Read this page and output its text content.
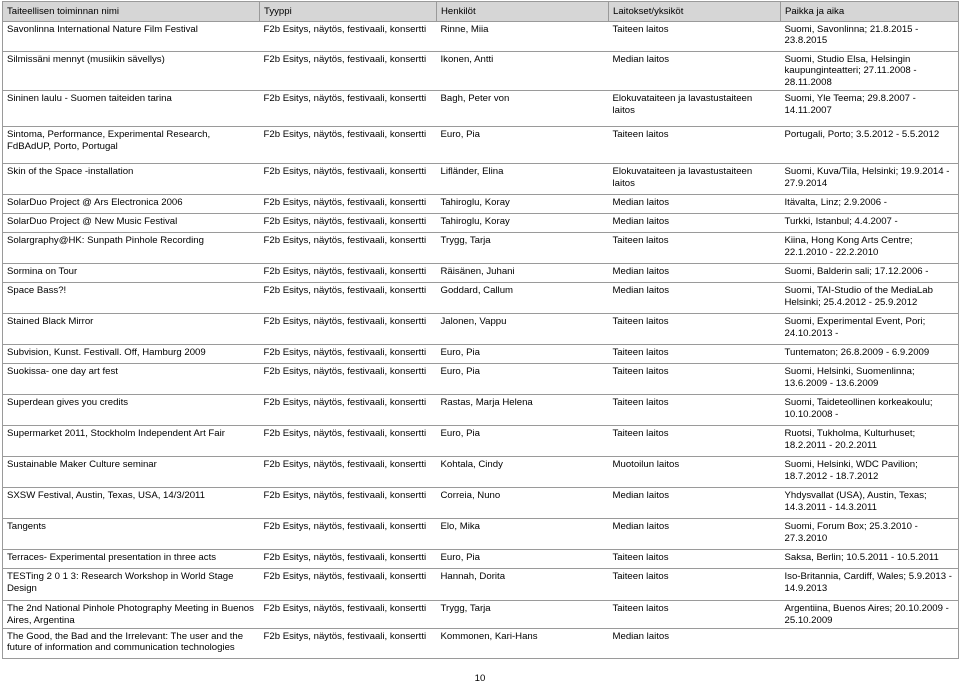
Taiteellisen toiminnan nimi	Tyyppi	Henkilöt	Laitokset/yksiköt	Paikka ja aika
Savonlinna International Nature Film Festival	F2b Esitys, näytös, festivaali, konsertti	Rinne, Miia	Taiteen laitos	Suomi, Savonlinna; 21.8.2015 - 23.8.2015
Silmissäni mennyt (musiikin sävellys)	F2b Esitys, näytös, festivaali, konsertti	Ikonen, Antti	Median laitos	Suomi, Studio Elsa, Helsingin kaupunginteatteri; 27.11.2008 - 28.11.2008
Sininen laulu - Suomen taiteiden tarina	F2b Esitys, näytös, festivaali, konsertti	Bagh, Peter von	Elokuvataiteen ja lavastustaiteen laitos	Suomi, Yle Teema; 29.8.2007 - 14.11.2007
Sintoma, Performance, Experimental Research, FdBAdUP, Porto, Portugal	F2b Esitys, näytös, festivaali, konsertti	Euro, Pia	Taiteen laitos	Portugali, Porto; 3.5.2012 - 5.5.2012
Skin of the Space -installation	F2b Esitys, näytös, festivaali, konsertti	Lifländer, Elina	Elokuvataiteen ja lavastustaiteen laitos	Suomi, Kuva/Tila, Helsinki; 19.9.2014 - 27.9.2014
SolarDuo Project @ Ars Electronica 2006	F2b Esitys, näytös, festivaali, konsertti	Tahiroglu, Koray	Median laitos	Itävalta, Linz; 2.9.2006 -
SolarDuo Project @ New Music Festival	F2b Esitys, näytös, festivaali, konsertti	Tahiroglu, Koray	Median laitos	Turkki, Istanbul; 4.4.2007 -
Solargraphy@HK: Sunpath Pinhole Recording	F2b Esitys, näytös, festivaali, konsertti	Trygg, Tarja	Taiteen laitos	Kiina, Hong Kong Arts Centre; 22.1.2010 - 22.2.2010
Sormina on Tour	F2b Esitys, näytös, festivaali, konsertti	Räisänen, Juhani	Median laitos	Suomi, Balderin sali; 17.12.2006 -
Space Bass?!	F2b Esitys, näytös, festivaali, konsertti	Goddard, Callum	Median laitos	Suomi, TAI-Studio of the MediaLab Helsinki; 25.4.2012 - 25.9.2012
Stained Black Mirror	F2b Esitys, näytös, festivaali, konsertti	Jalonen, Vappu	Taiteen laitos	Suomi, Experimental Event, Pori; 24.10.2013 -
Subvision, Kunst. Festivall. Off, Hamburg 2009	F2b Esitys, näytös, festivaali, konsertti	Euro, Pia	Taiteen laitos	Tuntematon; 26.8.2009 - 6.9.2009
Suokissa- one day art fest	F2b Esitys, näytös, festivaali, konsertti	Euro, Pia	Taiteen laitos	Suomi, Helsinki, Suomenlinna; 13.6.2009 - 13.6.2009
Superdean gives you credits	F2b Esitys, näytös, festivaali, konsertti	Rastas, Marja Helena	Taiteen laitos	Suomi, Taideteollinen korkeakoulu; 10.10.2008 -
Supermarket 2011, Stockholm Independent Art Fair	F2b Esitys, näytös, festivaali, konsertti	Euro, Pia	Taiteen laitos	Ruotsi, Tukholma, Kulturhuset; 18.2.2011 - 20.2.2011
Sustainable Maker Culture seminar	F2b Esitys, näytös, festivaali, konsertti	Kohtala, Cindy	Muotoilun laitos	Suomi, Helsinki, WDC Pavilion; 18.7.2012 - 18.7.2012
SXSW Festival, Austin, Texas, USA, 14/3/2011	F2b Esitys, näytös, festivaali, konsertti	Correia, Nuno	Median laitos	Yhdysvallat (USA), Austin, Texas; 14.3.2011 - 14.3.2011
Tangents	F2b Esitys, näytös, festivaali, konsertti	Elo, Mika	Median laitos	Suomi, Forum Box; 25.3.2010 - 27.3.2010
Terraces- Experimental presentation in three acts	F2b Esitys, näytös, festivaali, konsertti	Euro, Pia	Taiteen laitos	Saksa, Berlin; 10.5.2011 - 10.5.2011
TESTing 2 0 1 3: Research Workshop in World Stage Design	F2b Esitys, näytös, festivaali, konsertti	Hannah, Dorita	Taiteen laitos	Iso-Britannia, Cardiff, Wales; 5.9.2013 - 14.9.2013
The 2nd National Pinhole Photography Meeting in Buenos Aires, Argentina	F2b Esitys, näytös, festivaali, konsertti	Trygg, Tarja	Taiteen laitos	Argentiina, Buenos Aires; 20.10.2009 - 25.10.2009
The Good, the Bad and the Irrelevant: The user and the future of information and communication technologies	F2b Esitys, näytös, festivaali, konsertti	Kommonen, Kari-Hans	Median laitos	
10
